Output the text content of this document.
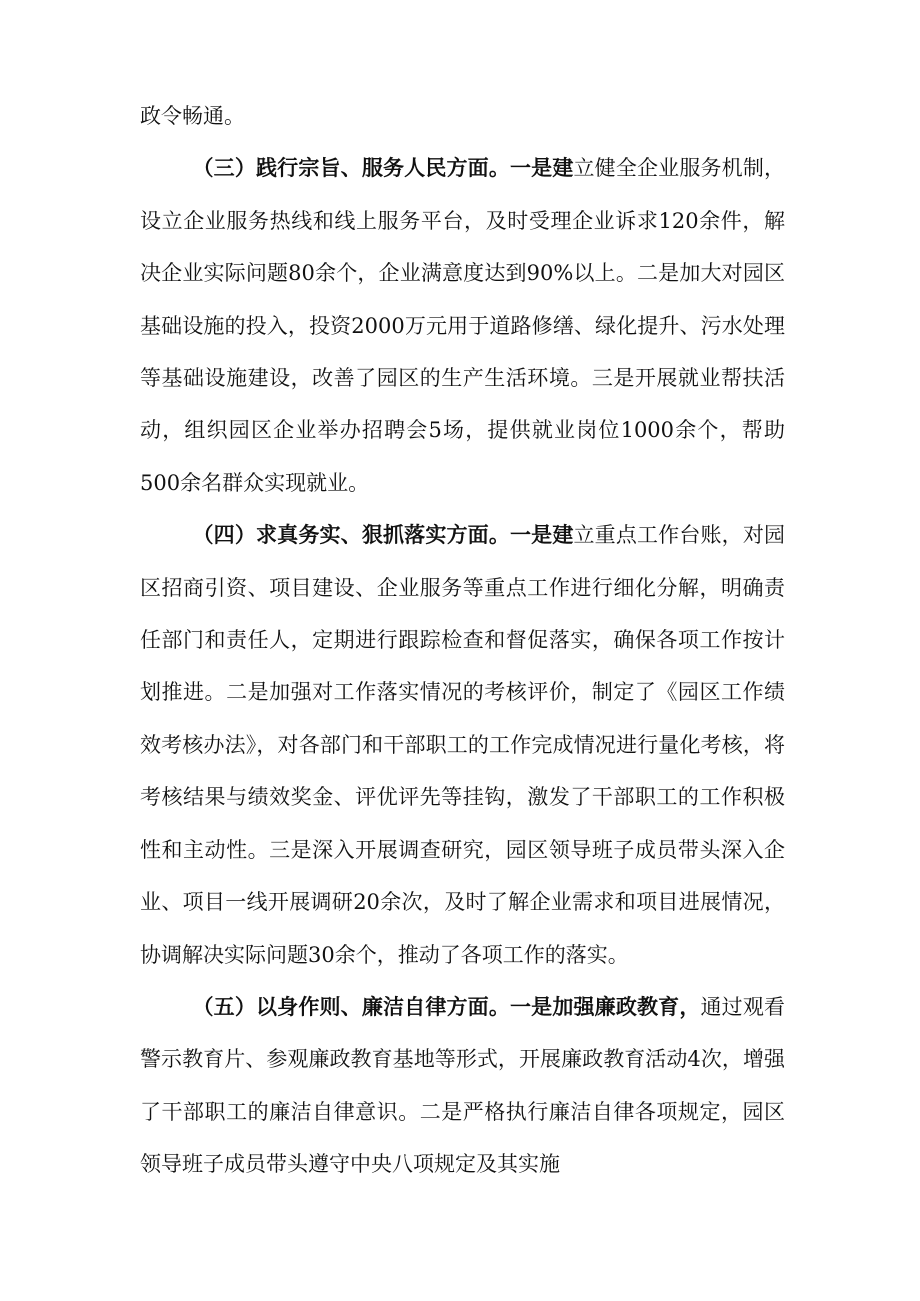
政令畅通。

（三）践行宗旨、服务人民方面。一是建立健全企业服务机制，设立企业服务热线和线上服务平台，及时受理企业诉求120余件，解决企业实际问题80余个，企业满意度达到90%以上。二是加大对园区基础设施的投入，投资2000万元用于道路修缮、绿化提升、污水处理等基础设施建设，改善了园区的生产生活环境。三是开展就业帮扶活动，组织园区企业举办招聘会5场，提供就业岗位1000余个，帮助500余名群众实现就业。

（四）求真务实、狠抓落实方面。一是建立重点工作台账，对园区招商引资、项目建设、企业服务等重点工作进行细化分解，明确责任部门和责任人，定期进行跟踪检查和督促落实，确保各项工作按计划推进。二是加强对工作落实情况的考核评价，制定了《园区工作绩效考核办法》，对各部门和干部职工的工作完成情况进行量化考核，将考核结果与绩效奖金、评优评先等挂钩，激发了干部职工的工作积极性和主动性。三是深入开展调查研究，园区领导班子成员带头深入企业、项目一线开展调研20余次，及时了解企业需求和项目进展情况，协调解决实际问题30余个，推动了各项工作的落实。

（五）以身作则、廉洁自律方面。一是加强廉政教育，通过观看警示教育片、参观廉政教育基地等形式，开展廉政教育活动4次，增强了干部职工的廉洁自律意识。二是严格执行廉洁自律各项规定，园区领导班子成员带头遵守中央八项规定及其实施
